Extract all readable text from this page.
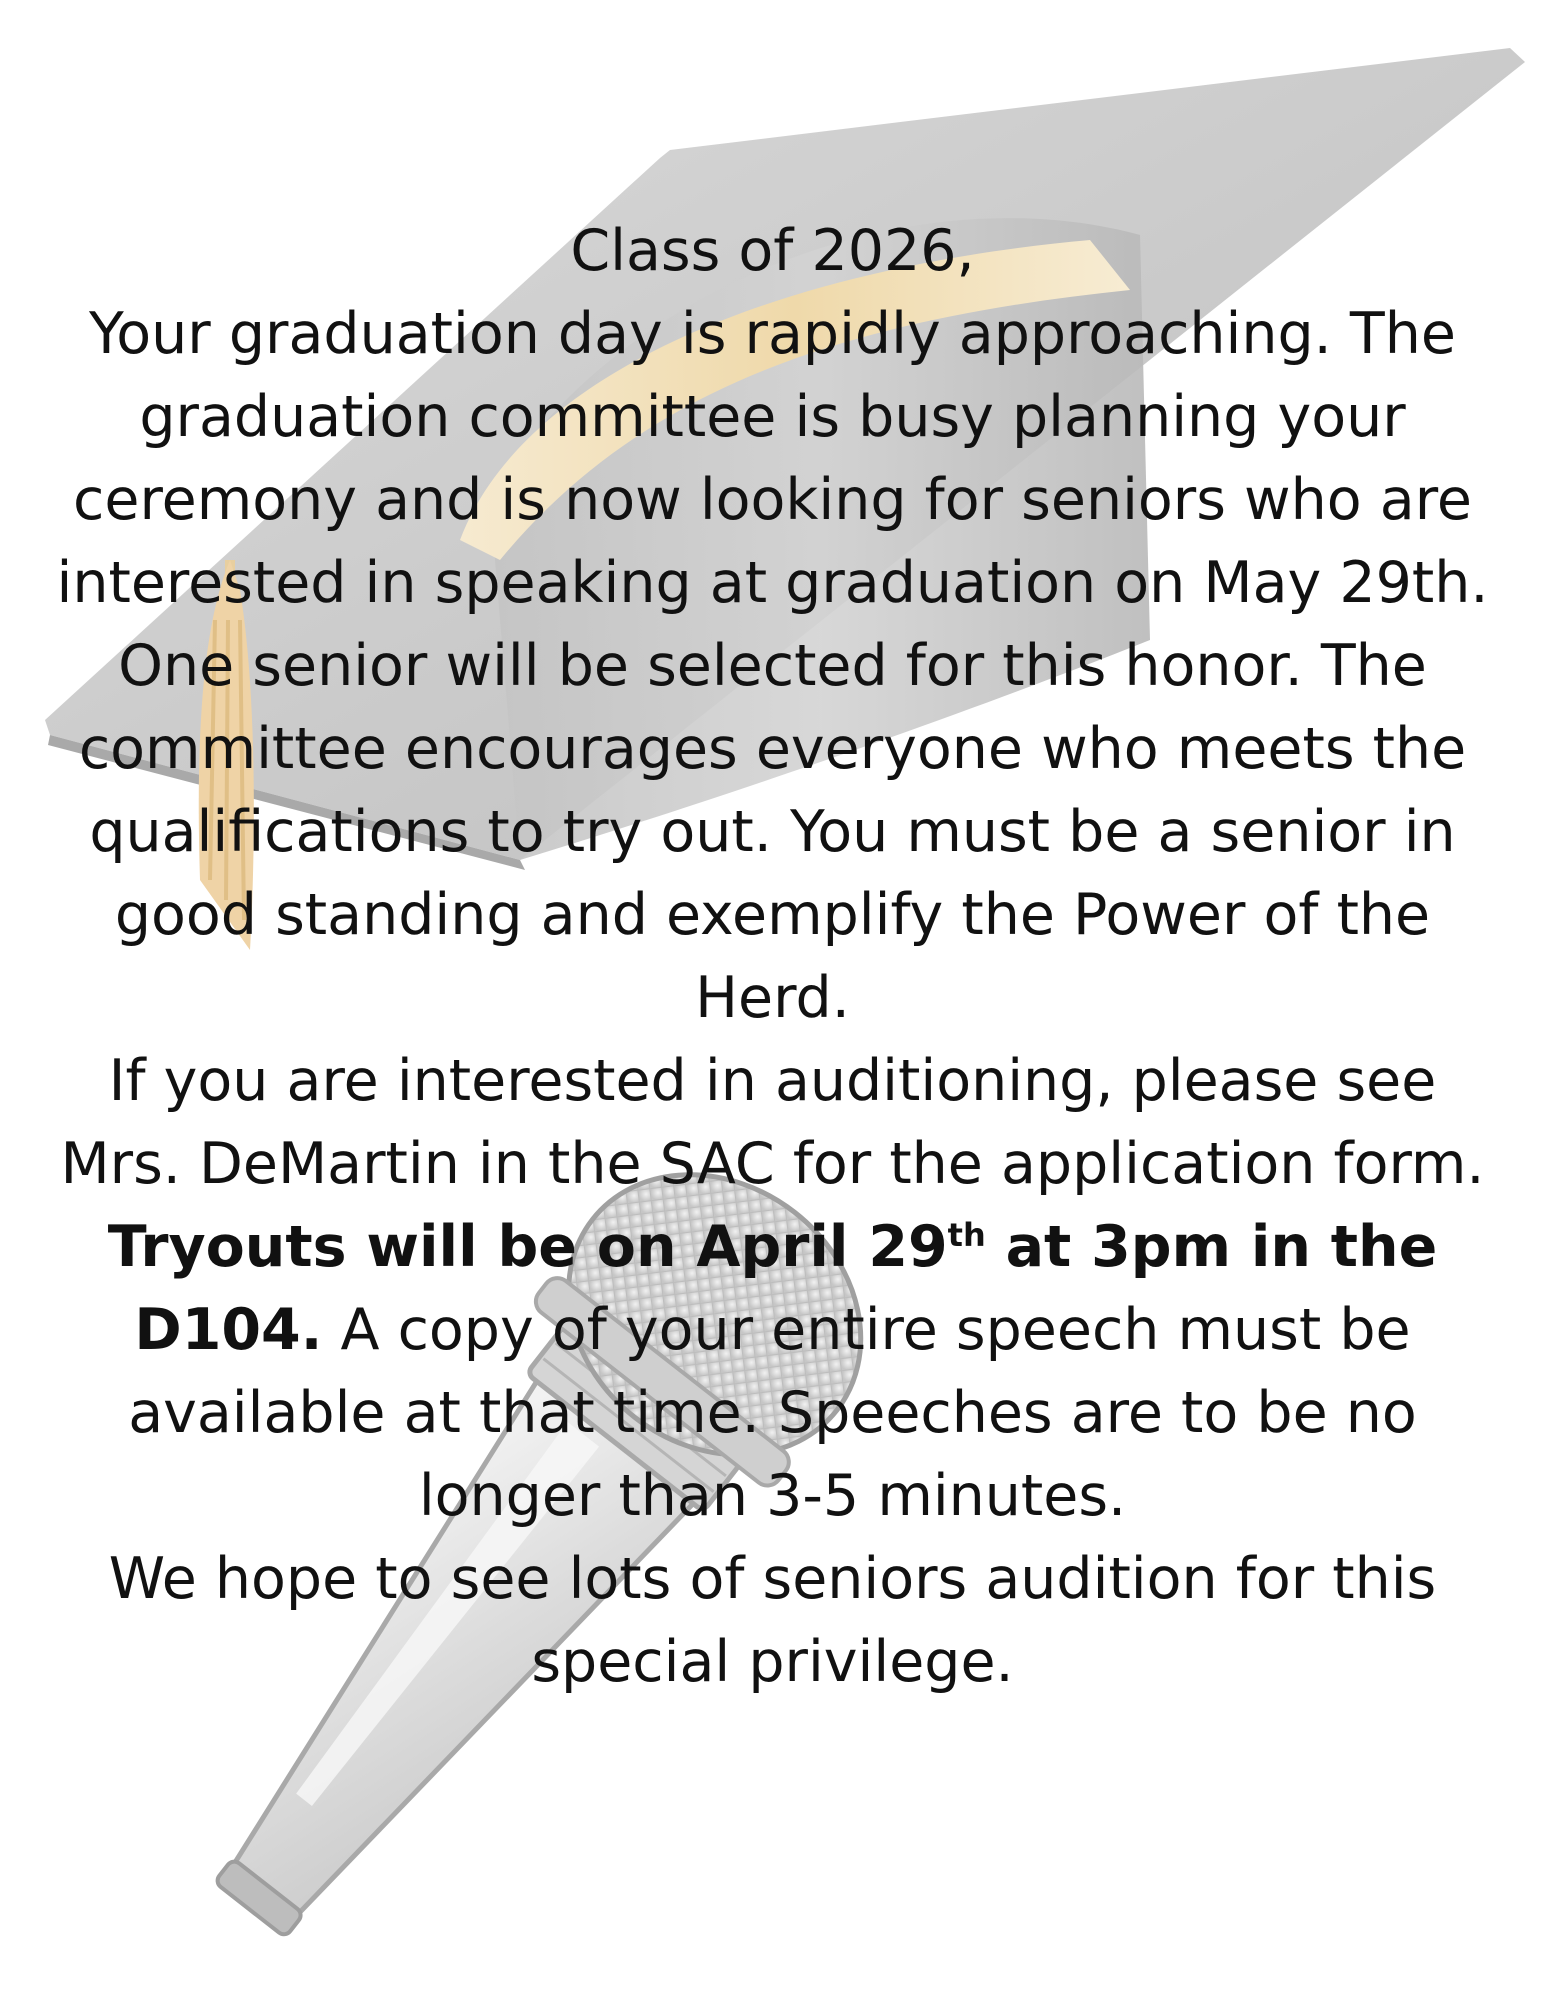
Class of 2026,

Your graduation day is rapidly approaching. The graduation committee is busy planning your ceremony and is now looking for seniors who are interested in speaking at graduation on May 29th. One senior will be selected for this honor. The committee encourages everyone who meets the qualifications to try out. You must be a senior in good standing and exemplify the Power of the Herd.

If you are interested in auditioning, please see Mrs. DeMartin in the SAC for the application form. Tryouts will be on April 29th at 3pm in the D104. A copy of your entire speech must be available at that time. Speeches are to be no longer than 3-5 minutes.

We hope to see lots of seniors audition for this special privilege.
